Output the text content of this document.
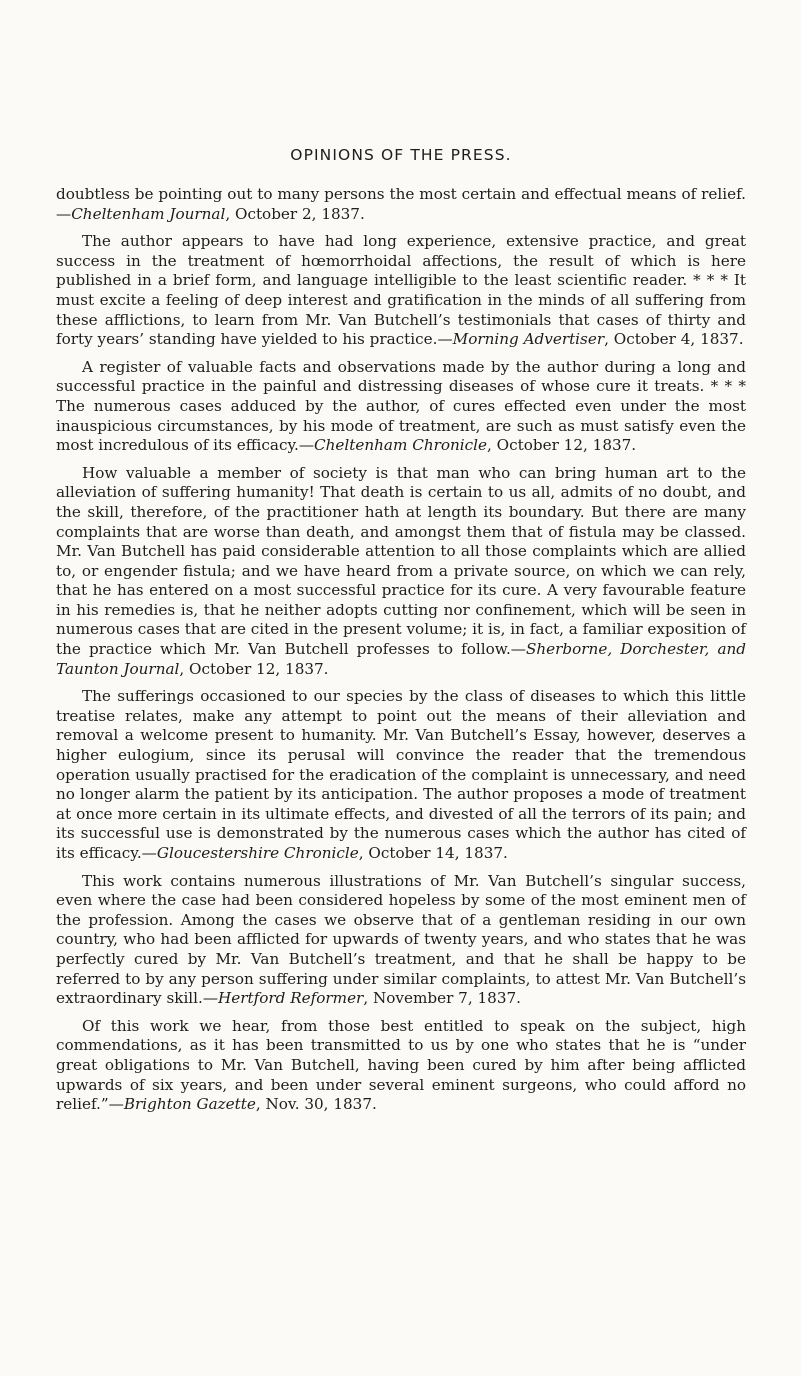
OPINIONS OF THE PRESS.

doubtless be pointing out to many persons the most certain and effectual means of relief.—Cheltenham Journal, October 2, 1837.

The author appears to have had long experience, extensive practice, and great success in the treatment of hœmorrhoidal affections, the result of which is here published in a brief form, and language intelligible to the least scientific reader. * * * It must excite a feeling of deep interest and gratification in the minds of all suffering from these afflictions, to learn from Mr. Van Butchell’s testimonials that cases of thirty and forty years’ standing have yielded to his practice.—Morning Advertiser, October 4, 1837.

A register of valuable facts and observations made by the author during a long and successful practice in the painful and distressing diseases of whose cure it treats. * * * The numerous cases adduced by the author, of cures effected even under the most inauspicious circumstances, by his mode of treatment, are such as must satisfy even the most incredulous of its efficacy.—Cheltenham Chronicle, October 12, 1837.

How valuable a member of society is that man who can bring human art to the alleviation of suffering humanity! That death is certain to us all, admits of no doubt, and the skill, therefore, of the practitioner hath at length its boundary. But there are many complaints that are worse than death, and amongst them that of fistula may be classed. Mr. Van Butchell has paid considerable attention to all those complaints which are allied to, or engender fistula; and we have heard from a private source, on which we can rely, that he has entered on a most successful practice for its cure. A very favourable feature in his remedies is, that he neither adopts cutting nor confinement, which will be seen in numerous cases that are cited in the present volume; it is, in fact, a familiar exposition of the practice which Mr. Van Butchell professes to follow.—Sherborne, Dorchester, and Taunton Journal, October 12, 1837.

The sufferings occasioned to our species by the class of diseases to which this little treatise relates, make any attempt to point out the means of their alleviation and removal a welcome present to humanity. Mr. Van Butchell’s Essay, however, deserves a higher eulogium, since its perusal will convince the reader that the tremendous operation usually practised for the eradication of the complaint is unnecessary, and need no longer alarm the patient by its anticipation. The author proposes a mode of treatment at once more certain in its ultimate effects, and divested of all the terrors of its pain; and its successful use is demonstrated by the numerous cases which the author has cited of its efficacy.—Gloucestershire Chronicle, October 14, 1837.

This work contains numerous illustrations of Mr. Van Butchell’s singular success, even where the case had been considered hopeless by some of the most eminent men of the profession. Among the cases we observe that of a gentleman residing in our own country, who had been afflicted for upwards of twenty years, and who states that he was perfectly cured by Mr. Van Butchell’s treatment, and that he shall be happy to be referred to by any person suffering under similar complaints, to attest Mr. Van Butchell’s extraordinary skill.—Hertford Reformer, November 7, 1837.

Of this work we hear, from those best entitled to speak on the subject, high commendations, as it has been transmitted to us by one who states that he is “under great obligations to Mr. Van Butchell, having been cured by him after being afflicted upwards of six years, and been under several eminent surgeons, who could afford no relief.”—Brighton Gazette, Nov. 30, 1837.
